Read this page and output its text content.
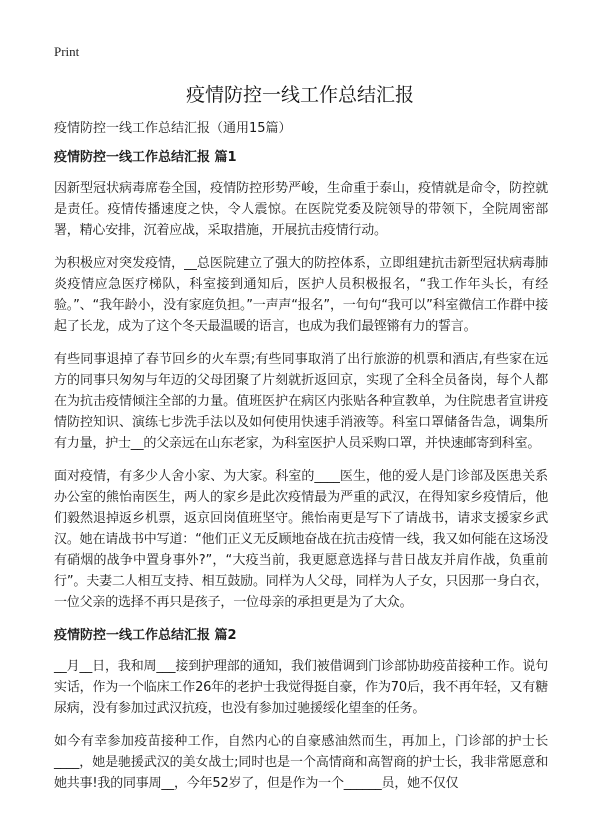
Print
疫情防控一线工作总结汇报

疫情防控一线工作总结汇报（通用15篇）

疫情防控一线工作总结汇报 篇1

因新型冠状病毒席卷全国，疫情防控形势严峻，生命重于泰山，疫情就是命令，防控就是责任。疫情传播速度之快，令人震惊。在医院党委及院领导的带领下，全院周密部署，精心安排，沉着应战，采取措施，开展抗击疫情行动。

为积极应对突发疫情，__总医院建立了强大的防控体系，立即组建抗击新型冠状病毒肺炎疫情应急医疗梯队，科室接到通知后，医护人员积极报名，“我工作年头长，有经验。”、“我年龄小，没有家庭负担。”一声声“报名”，一句句“我可以”科室微信工作群中接起了长龙，成为了这个冬天最温暖的语言，也成为我们最铿锵有力的誓言。

有些同事退掉了春节回乡的火车票;有些同事取消了出行旅游的机票和酒店,有些家在远方的同事只匆匆与年迈的父母团聚了片刻就折返回京，实现了全科全员备岗，每个人都在为抗击疫情倾注全部的力量。值班医护在病区内张贴各种宣教单，为住院患者宣讲疫情防控知识、演练七步洗手法以及如何使用快速手消液等。科室口罩储备告急，调集所有力量，护士__的父亲远在山东老家，为科室医护人员采购口罩，并快速邮寄到科室。

面对疫情，有多少人舍小家、为大家。科室的____医生，他的爱人是门诊部及医患关系办公室的熊怡南医生，两人的家乡是此次疫情最为严重的武汉，在得知家乡疫情后，他们毅然退掉返乡机票，返京回岗值班坚守。熊怡南更是写下了请战书，请求支援家乡武汉。她在请战书中写道：“他们正义无反顾地奋战在抗击疫情一线，我又如何能在这场没有硝烟的战争中置身事外?”，“大疫当前，我更愿意选择与昔日战友并肩作战，负重前行”。夫妻二人相互支持、相互鼓励。同样为人父母，同样为人子女，只因那一身白衣，一位父亲的选择不再只是孩子，一位母亲的承担更是为了大众。

疫情防控一线工作总结汇报 篇2

__月__日，我和周___接到护理部的通知，我们被借调到门诊部协助疫苗接种工作。说句实话，作为一个临床工作26年的老护士我觉得挺自豪，作为70后，我不再年轻，又有糖尿病，没有参加过武汉抗疫，也没有参加过驰援绥化望奎的任务。

如今有幸参加疫苗接种工作，自然内心的自豪感油然而生，再加上，门诊部的护士长____，她是驰援武汉的美女战士;同时也是一个高情商和高智商的护士长，我非常愿意和她共事!我的同事周__，今年52岁了，但是作为一个______员，她不仅仅
